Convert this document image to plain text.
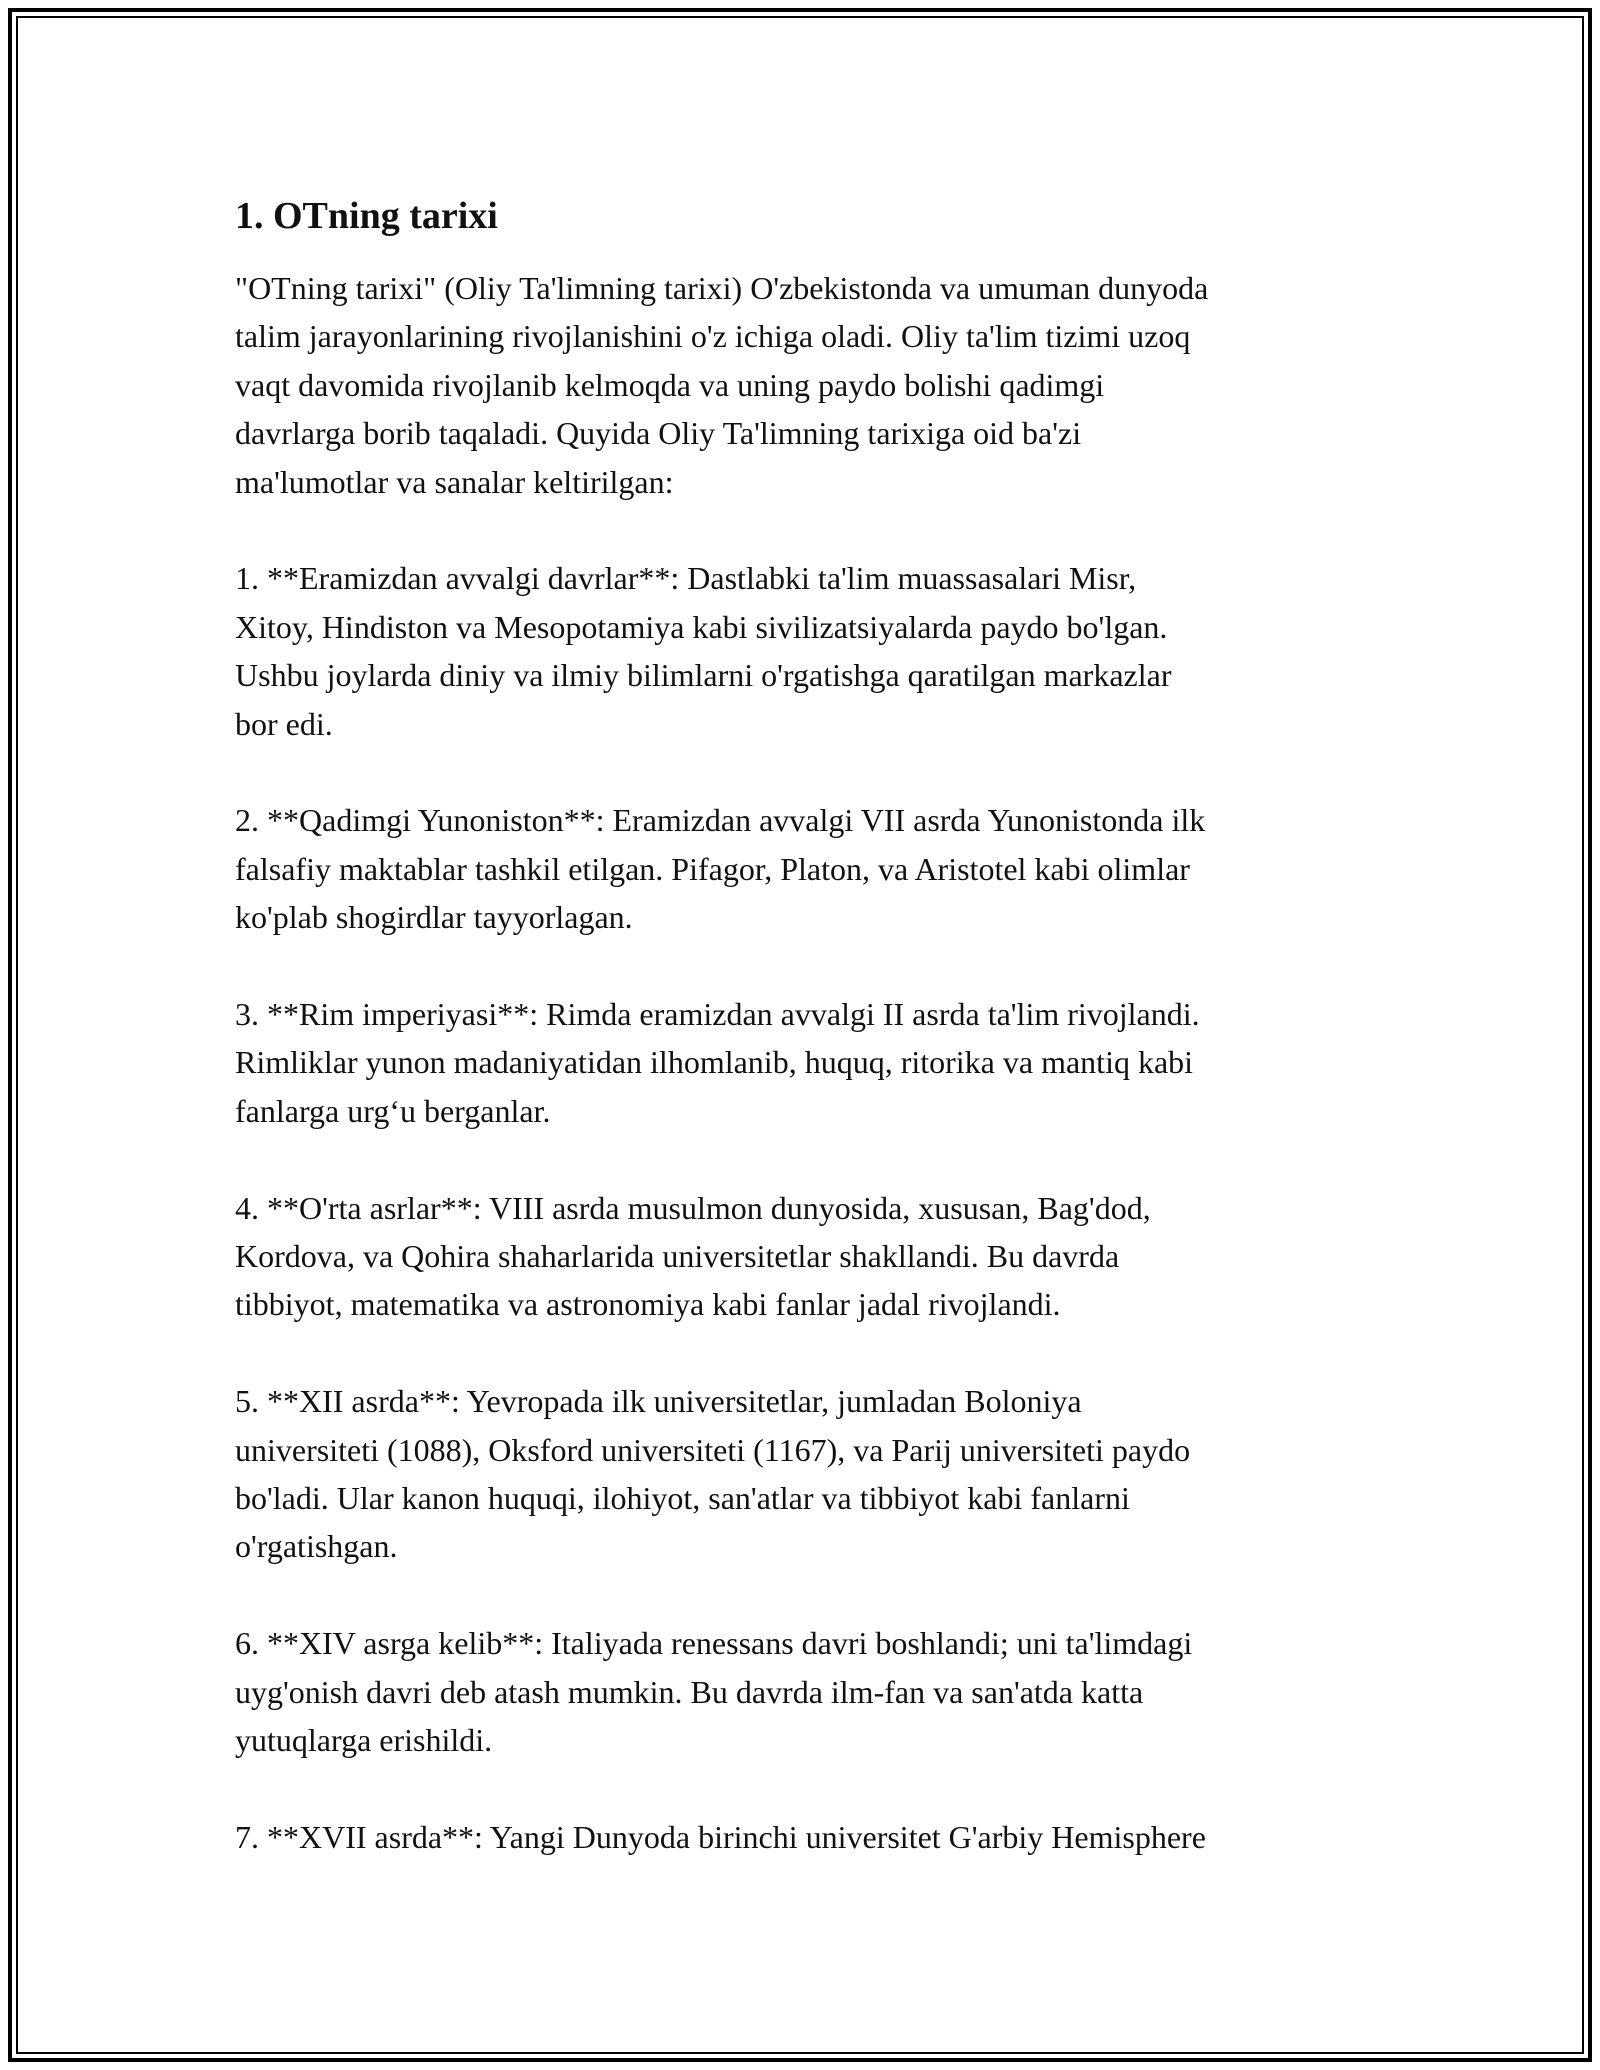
1. OTning tarixi
"OTning tarixi" (Oliy Ta'limning tarixi) O'zbekistonda va umuman dunyoda
talim jarayonlarining rivojlanishini o'z ichiga oladi. Oliy ta'lim tizimi uzoq
vaqt davomida rivojlanib kelmoqda va uning paydo bolishi qadimgi
davrlarga borib taqaladi. Quyida Oliy Ta'limning tarixiga oid ba'zi
ma'lumotlar va sanalar keltirilgan:
1. **Eramizdan avvalgi davrlar**: Dastlabki ta'lim muassasalari Misr,
Xitoy, Hindiston va Mesopotamiya kabi sivilizatsiyalarda paydo bo'lgan.
Ushbu joylarda diniy va ilmiy bilimlarni o'rgatishga qaratilgan markazlar
bor edi.
2. **Qadimgi Yunoniston**: Eramizdan avvalgi VII asrda Yunonistonda ilk
falsafiy maktablar tashkil etilgan. Pifagor, Platon, va Aristotel kabi olimlar
ko'plab shogirdlar tayyorlagan.
3. **Rim imperiyasi**: Rimda eramizdan avvalgi II asrda ta'lim rivojlandi.
Rimliklar yunon madaniyatidan ilhomlanib, huquq, ritorika va mantiq kabi
fanlarga urg‘u berganlar.
4. **O'rta asrlar**: VIII asrda musulmon dunyosida, xususan, Bag'dod,
Kordova, va Qohira shaharlarida universitetlar shakllandi. Bu davrda
tibbiyot, matematika va astronomiya kabi fanlar jadal rivojlandi.
5. **XII asrda**: Yevropada ilk universitetlar, jumladan Boloniya
universiteti (1088), Oksford universiteti (1167), va Parij universiteti paydo
bo'ladi. Ular kanon huquqi, ilohiyot, san'atlar va tibbiyot kabi fanlarni
o'rgatishgan.
6. **XIV asrga kelib**: Italiyada renessans davri boshlandi; uni ta'limdagi
uyg'onish davri deb atash mumkin. Bu davrda ilm-fan va san'atda katta
yutuqlarga erishildi.
7. **XVII asrda**: Yangi Dunyoda birinchi universitet G'arbiy Hemisphere
